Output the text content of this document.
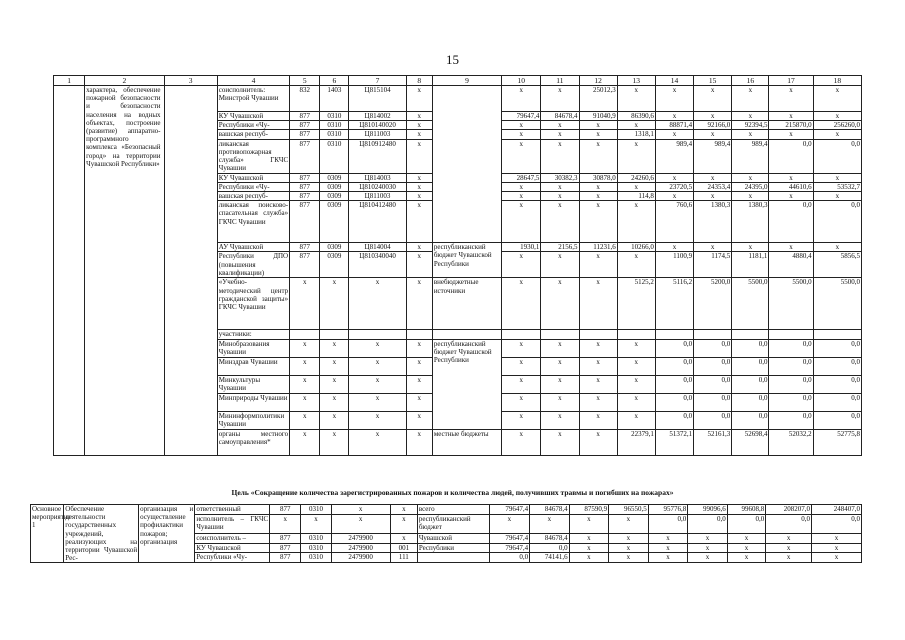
15
1	2	3	4	5	6	7	8	9	10	11	12	13	14	15	16	17	18
	характера, обеспечение пожарной безопасности и безопасности населения на водных объектах, построение (развитие) аппаратно-программного комплекса «Безопасный город» на территории Чувашской Республики»		соисполнитель: Минстрой Чувашии	832	1403	Ц815104	x		x	x	25012,3	x	x	x	x	x	x
			КУ Чувашской	877	0310	Ц814002	x		79647,4	84678,4	91040,9	86390,6	x	x	x	x	x
			Республики «Чу-	877	0310	Ц810140020	x		x	x	x	x	88871,4	92166,0	92394,5	215870,0	256260,0
			вашская респуб-	877	0310	Ц811003	x		x	x	x	1318,1	x	x	x	x	x
			ликанская противопожарная служба» ГКЧС Чувашии	877	0310	Ц810912480	x		x	x	x	x	989,4	989,4	989,4	0,0	0,0
			КУ Чувашской	877	0309	Ц814003	x		28647,5	30382,3	30878,0	24260,6	x	x	x	x	x
			Республики «Чу-	877	0309	Ц810240030	x		x	x	x	x	23720,5	24353,4	24395,0	44610,6	53532,7
			вашская респуб-	877	0309	Ц811003	x		x	x	x	114,8	x	x	x	x	x
			ликанская поисково-спасательная служба» ГКЧС Чувашии	877	0309	Ц810412480	x		x	x	x	x	760,6	1380,3	1380,3	0,0	0,0
			АУ Чувашской	877	0309	Ц814004	x	республиканский бюджет Чувашской Республики	1930,1	2156,5	11231,6	10266,0	x	x	x	x	x
			Республики ДПО (повышения квалификации)	877	0309	Ц810340040	x		x	x	x	x	1100,9	1174,5	1181,1	4880,4	5856,5
			«Учебно-методический центр гражданской защиты» ГКЧС Чувашии	x	x	x	x	внебюджетные источники	x	x	x	5125,2	5116,2	5200,0	5500,0	5500,0	5500,0
			участники:														
			Минобразования Чувашии	x	x	x	x	республиканский бюджет Чувашской Республики	x	x	x	x	0,0	0,0	0,0	0,0	0,0
			Минздрав Чувашии	x	x	x	x		x	x	x	x	0,0	0,0	0,0	0,0	0,0
			Минкультуры Чувашии	x	x	x	x		x	x	x	x	0,0	0,0	0,0	0,0	0,0
			Минприроды Чувашии	x	x	x	x		x	x	x	x	0,0	0,0	0,0	0,0	0,0
			Мининформполитики Чувашии	x	x	x	x		x	x	x	x	0,0	0,0	0,0	0,0	0,0
			органы местного самоуправления*	x	x	x	x	местные бюджеты	x	x	x	22379,1	51372,1	52161,3	52698,4	52032,2	52775,8
Цель «Сокращение количества зарегистрированных пожаров и количества людей, получивших травмы и погибших на пожарах»
Основное мероприятие 1	Обеспечение деятельности государственных учреждений, реализующих на территории Чувашской Рес-	организация и осуществление профилактики пожаров; организация	ответственный	877	0310	x	x	всего	79647,4	84678,4	87590,9	96550,5	95776,8	99096,6	99608,8	208207,0	248407,0
			исполнитель – ГКЧС Чувашии	x	x	x	x	республиканский бюджет	x	x	x	x	0,0	0,0	0,0	0,0	0,0
			соисполнитель –	877	0310	2479900	x	Чувашской	79647,4	84678,4	x	x	x	x	x	x	x
			КУ Чувашской	877	0310	2479900	001	Республики	79647,4	0,0	x	x	x	x	x	x	x
			Республики «Чу-	877	0310	2479900	111		0,0	74141,6	x	x	x	x	x	x	x
